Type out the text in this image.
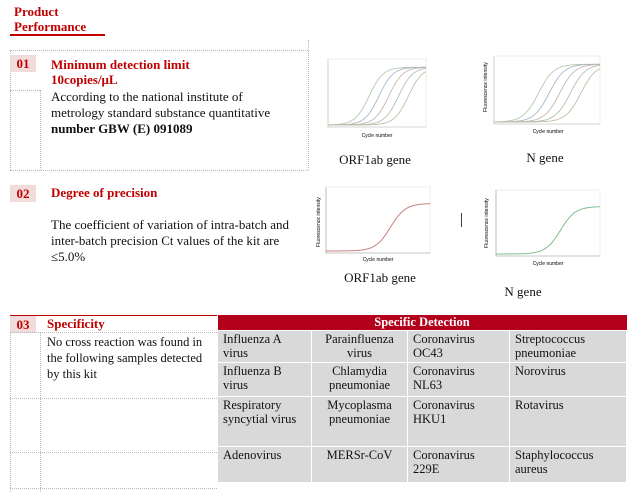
Product
Performance
01	Minimum detection limit
10copies/μL
According to the national institute of metrology standard substance quantitative number GBW (E) 091089	Cycle number
ORF1ab gene
Cycle number
Fluorescence intensity
N gene
02	Degree of precision
The coefficient of variation of intra-batch and inter-batch precision Ct values of the kit are ≤5.0%	Cycle number
Fluorescence intensity
ORF1ab gene
Cycle number
Fluorescence intensity
N gene
03	Specificity
No cross reaction was found in the following samples detected by this kit
Specific Detection			
Influenza A virus	Parainfluenza virus	Coronavirus OC43	Streptococcus pneumoniae
Influenza B virus	Chlamydia pneumoniae	Coronavirus NL63	Norovirus
Respiratory syncytial virus	Mycoplasma pneumoniae	Coronavirus HKU1	Rotavirus
Adenovirus	MERSr-CoV	Coronavirus 229E	Staphylococcus aureus
